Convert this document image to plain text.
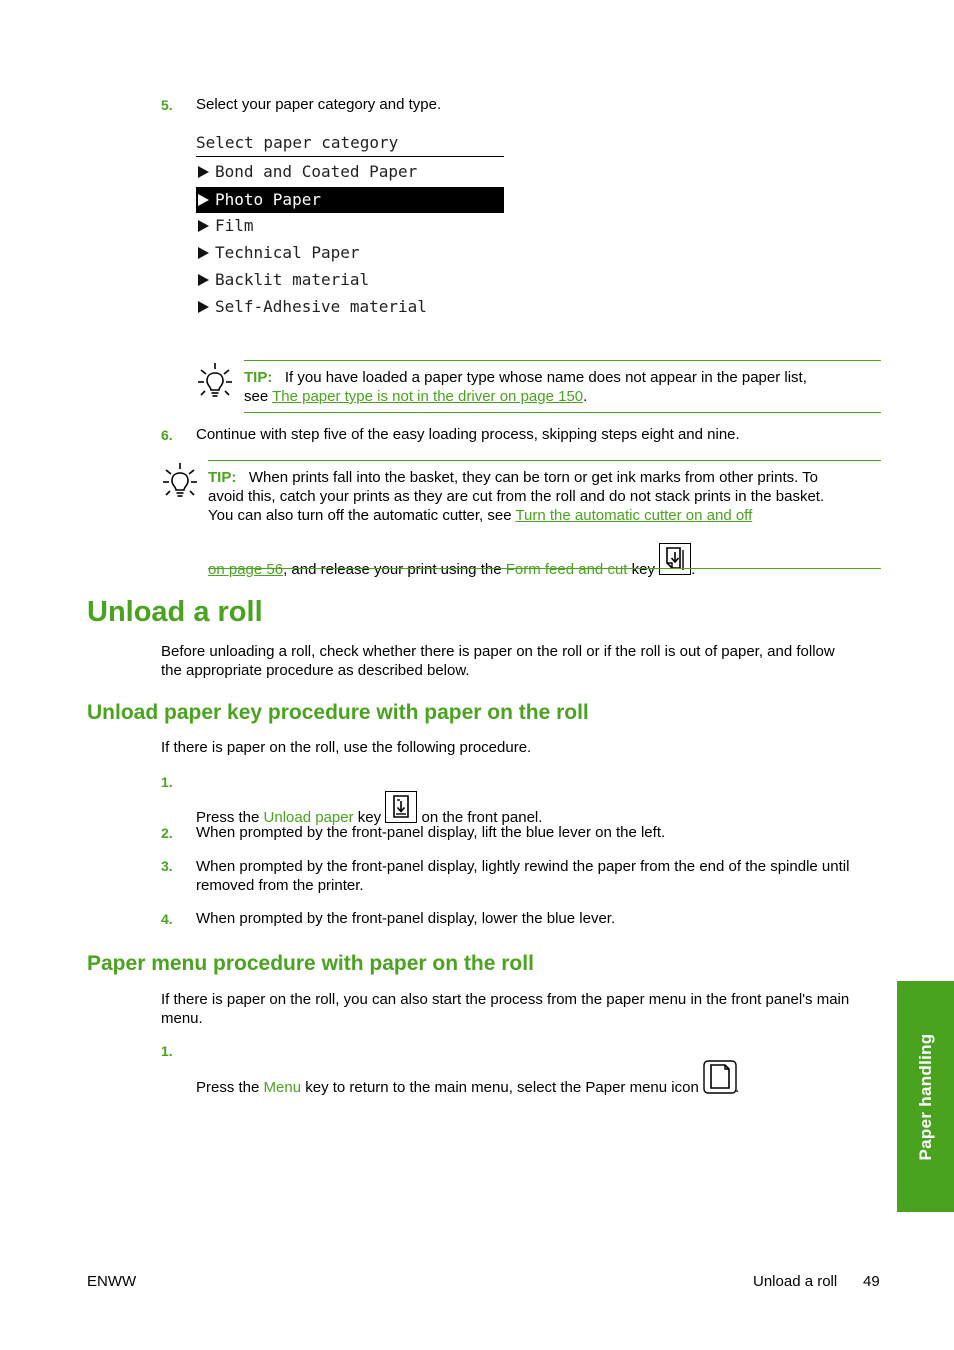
5. Select your paper category and type.
Select paper category
Bond and Coated Paper
Photo Paper
Film
Technical Paper
Backlit material
Self-Adhesive material
TIP: If you have loaded a paper type whose name does not appear in the paper list,
see The paper type is not in the driver on page 150.
6. Continue with step five of the easy loading process, skipping steps eight and nine.
TIP: When prints fall into the basket, they can be torn or get ink marks from other prints. To
avoid this, catch your prints as they are cut from the roll and do not stack prints in the basket.
You can also turn off the automatic cutter, see Turn the automatic cutter on and off
on page 56, and release your print using the Form feed and cut key .
Unload a roll
Before unloading a roll, check whether there is paper on the roll or if the roll is out of paper, and follow
the appropriate procedure as described below.
Unload paper key procedure with paper on the roll
If there is paper on the roll, use the following procedure.
1.
Press the Unload paper key	on the front panel.
2. When prompted by the front-panel display, lift the blue lever on the left.
3. When prompted by the front-panel display, lightly rewind the paper from the end of the spindle until
removed from the printer.
4. When prompted by the front-panel display, lower the blue lever.
Paper menu procedure with paper on the roll
If there is paper on the roll, you can also start the process from the paper menu in the front panel's main
menu.
1.
Press the Menu key to return to the main menu, select the Paper menu icon .	Paper handling
ENWW	Unload a roll 49
